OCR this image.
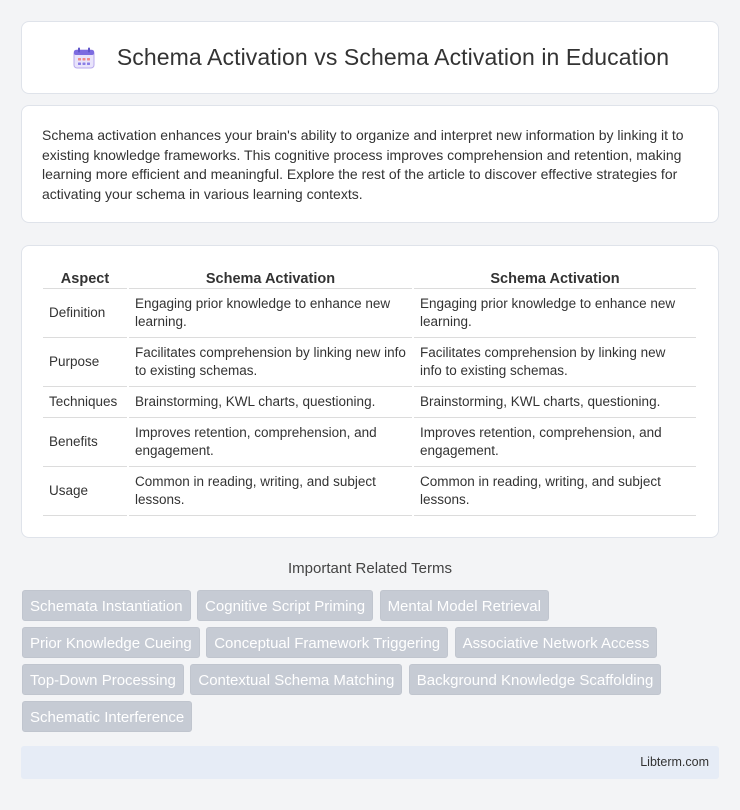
Schema Activation vs Schema Activation in Education

Schema activation enhances your brain's ability to organize and interpret new information by linking it to existing knowledge frameworks. This cognitive process improves comprehension and retention, making learning more efficient and meaningful. Explore the rest of the article to discover effective strategies for activating your schema in various learning contexts.

Aspect	Schema Activation	Schema Activation
Definition	Engaging prior knowledge to enhance new learning.	Engaging prior knowledge to enhance new learning.
Purpose	Facilitates comprehension by linking new info to existing schemas.	Facilitates comprehension by linking new info to existing schemas.
Techniques	Brainstorming, KWL charts, questioning.	Brainstorming, KWL charts, questioning.
Benefits	Improves retention, comprehension, and engagement.	Improves retention, comprehension, and engagement.
Usage	Common in reading, writing, and subject lessons.	Common in reading, writing, and subject lessons.
Important Related Terms
Schemata Instantiation Cognitive Script Priming Mental Model Retrieval
Prior Knowledge Cueing Conceptual Framework Triggering Associative Network Access
Top-Down Processing Contextual Schema Matching Background Knowledge Scaffolding
Schematic Interference
Libterm.com
